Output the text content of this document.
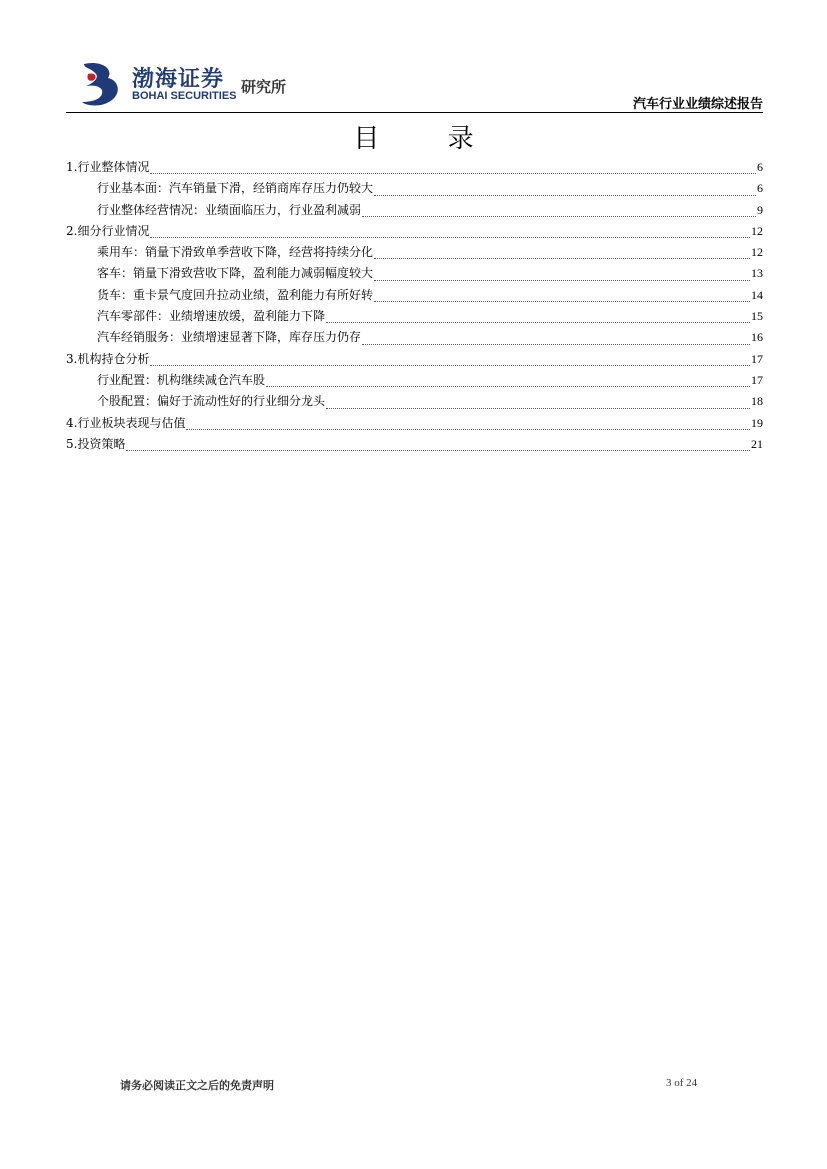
渤海证券
BOHAI SECURITIES 研究所
汽车行业业绩综述报告
目 录
1.行业整体情况	6
行业基本面：汽车销量下滑，经销商库存压力仍较大	6
行业整体经营情况：业绩面临压力，行业盈利减弱	9
2.细分行业情况	12
乘用车：销量下滑致单季营收下降，经营将持续分化	12
客车：销量下滑致营收下降，盈利能力减弱幅度较大	13
货车：重卡景气度回升拉动业绩，盈利能力有所好转	14
汽车零部件：业绩增速放缓，盈利能力下降	15
汽车经销服务：业绩增速显著下降，库存压力仍存	16
3.机构持仓分析	17
行业配置：机构继续减仓汽车股	17
个股配置：偏好于流动性好的行业细分龙头	18
4.行业板块表现与估值	19
5.投资策略	21
请务必阅读正文之后的免责声明	3 of 24
